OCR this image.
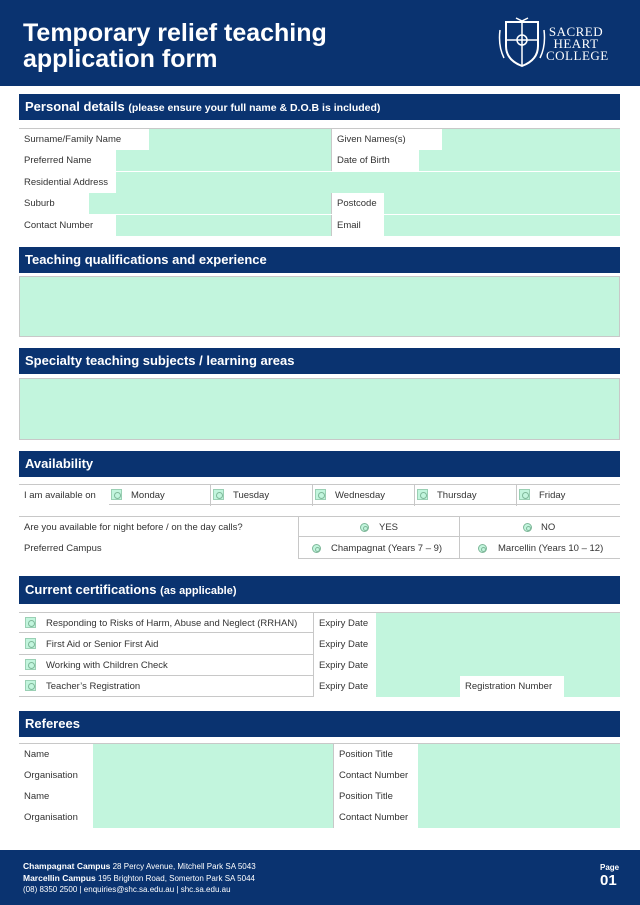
Temporary relief teaching
application form
SACRED
HEART
COLLEGE
Personal details (please ensure your full name & D.O.B is included)
Surname/Family Name	Given Names(s)
Preferred Name	Date of Birth
Residential Address
Suburb	Postcode
Contact Number	Email
Teaching qualifications and experience
Specialty teaching subjects / learning areas
Availability
I am available on	Monday	Tuesday	Wednesday	Thursday	Friday
Are you available for night before / on the day calls?	YES	NO
Preferred Campus	Champagnat (Years 7 – 9)	Marcellin (Years 10 – 12)
Current certifications (as applicable)
Responding to Risks of Harm, Abuse and Neglect (RRHAN)	Expiry Date
First Aid or Senior First Aid	Expiry Date
Working with Children Check	Expiry Date
Teacher’s Registration	Expiry Date	Registration Number
Referees
Name	Position Title
Organisation	Contact Number
Name	Position Title
Organisation	Contact Number
Champagnat Campus 28 Percy Avenue, Mitchell Park SA 5043
Marcellin Campus 195 Brighton Road, Somerton Park SA 5044
(08) 8350 2500 | enquiries@shc.sa.edu.au | shc.sa.edu.au
Page
01
